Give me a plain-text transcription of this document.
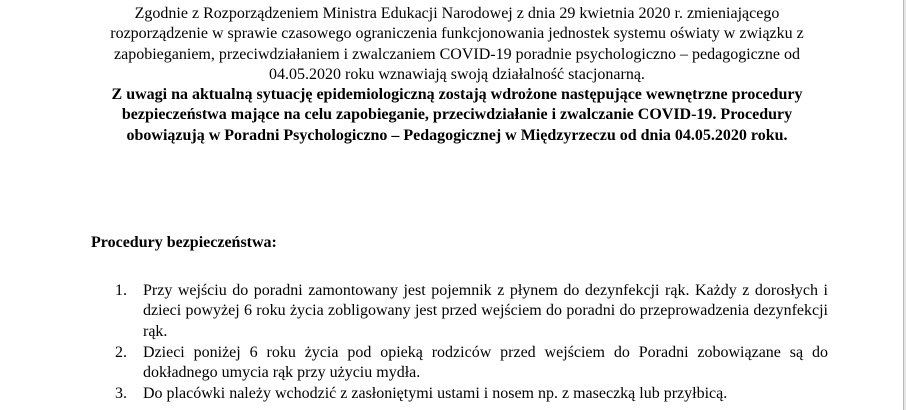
Zgodnie z Rozporządzeniem Ministra Edukacji Narodowej z dnia 29 kwietnia 2020 r. zmieniającego rozporządzenie w sprawie czasowego ograniczenia funkcjonowania jednostek systemu oświaty w związku z zapobieganiem, przeciwdziałaniem i zwalczaniem COVID-19 poradnie psychologiczno – pedagogiczne od 04.05.2020 roku wznawiają swoją działalność stacjonarną.

Z uwagi na aktualną sytuację epidemiologiczną zostają wdrożone następujące wewnętrzne procedury bezpieczeństwa mające na celu zapobieganie, przeciwdziałanie i zwalczanie COVID-19. Procedury obowiązują w Poradni Psychologiczno – Pedagogicznej w Międzyrzeczu od dnia 04.05.2020 roku.

Procedury bezpieczeństwa:

1. Przy wejściu do poradni zamontowany jest pojemnik z płynem do dezynfekcji rąk. Każdy z dorosłych i dzieci powyżej 6 roku życia zobligowany jest przed wejściem do poradni do przeprowadzenia dezynfekcji rąk.
2. Dzieci poniżej 6 roku życia pod opieką rodziców przed wejściem do Poradni zobowiązane są do dokładnego umycia rąk przy użyciu mydła.
3. Do placówki należy wchodzić z zasłoniętymi ustami i nosem np. z maseczką lub przyłbicą.
